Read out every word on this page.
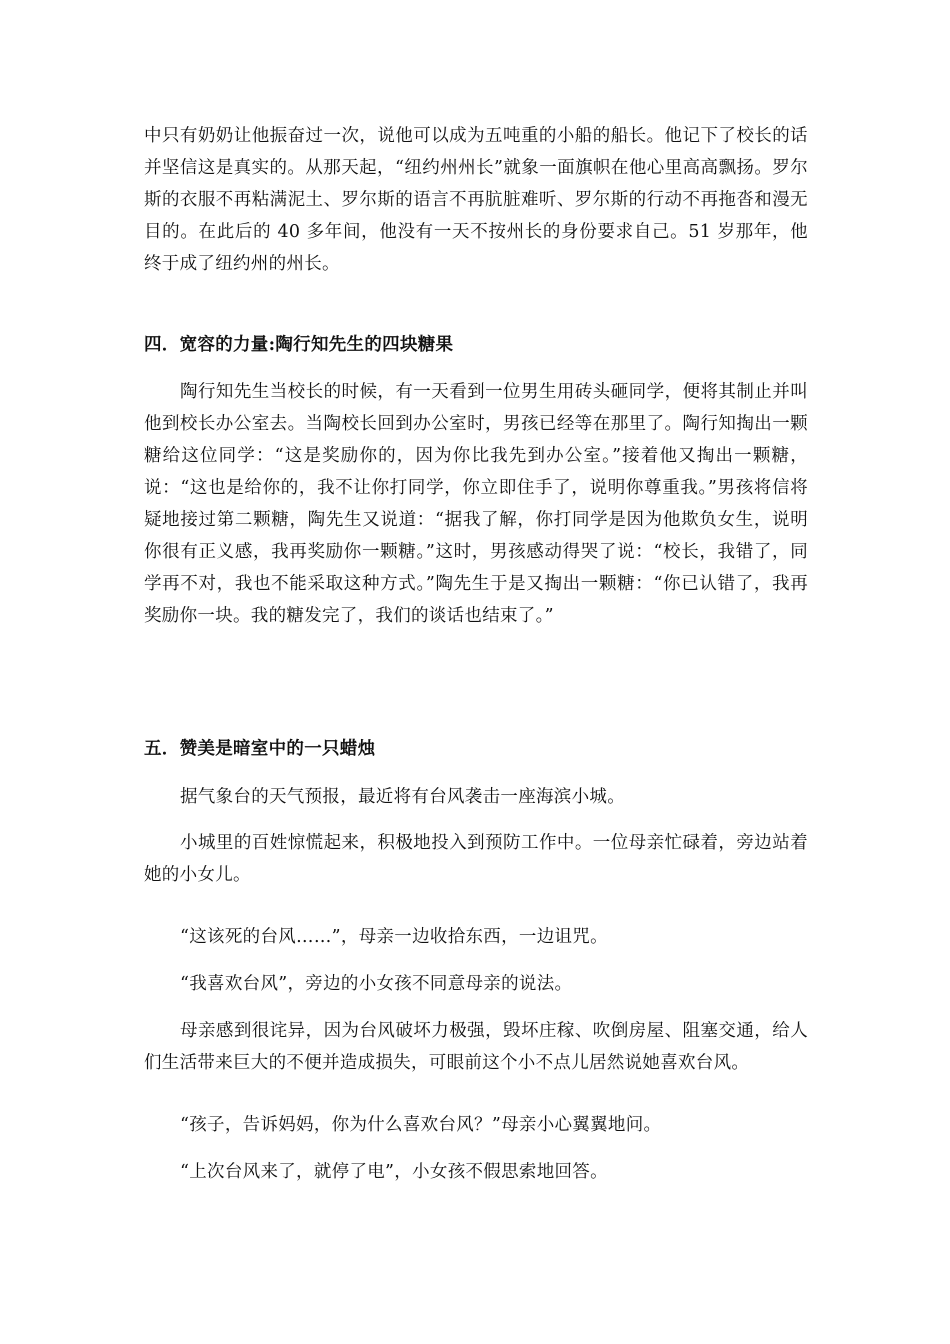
中只有奶奶让他振奋过一次，说他可以成为五吨重的小船的船长。他记下了校长的话并坚信这是真实的。从那天起，“纽约州州长”就象一面旗帜在他心里高高飘扬。罗尔斯的衣服不再粘满泥土、罗尔斯的语言不再肮脏难听、罗尔斯的行动不再拖沓和漫无目的。在此后的 40 多年间，他没有一天不按州长的身份要求自己。51 岁那年，他终于成了纽约州的州长。

四．宽容的力量:陶行知先生的四块糖果

陶行知先生当校长的时候，有一天看到一位男生用砖头砸同学，便将其制止并叫他到校长办公室去。当陶校长回到办公室时，男孩已经等在那里了。陶行知掏出一颗糖给这位同学：“这是奖励你的，因为你比我先到办公室。”接着他又掏出一颗糖，说：“这也是给你的，我不让你打同学，你立即住手了，说明你尊重我。”男孩将信将疑地接过第二颗糖，陶先生又说道：“据我了解，你打同学是因为他欺负女生，说明你很有正义感，我再奖励你一颗糖。”这时，男孩感动得哭了说：“校长，我错了，同学再不对，我也不能采取这种方式。”陶先生于是又掏出一颗糖：“你已认错了，我再奖励你一块。我的糖发完了，我们的谈话也结束了。”

五．赞美是暗室中的一只蜡烛

据气象台的天气预报，最近将有台风袭击一座海滨小城。

小城里的百姓惊慌起来，积极地投入到预防工作中。一位母亲忙碌着，旁边站着她的小女儿。

“这该死的台风……”，母亲一边收拾东西，一边诅咒。

“我喜欢台风”，旁边的小女孩不同意母亲的说法。

母亲感到很诧异，因为台风破坏力极强，毁坏庄稼、吹倒房屋、阻塞交通，给人们生活带来巨大的不便并造成损失，可眼前这个小不点儿居然说她喜欢台风。

“孩子，告诉妈妈，你为什么喜欢台风？”母亲小心翼翼地问。

“上次台风来了，就停了电”，小女孩不假思索地回答。
